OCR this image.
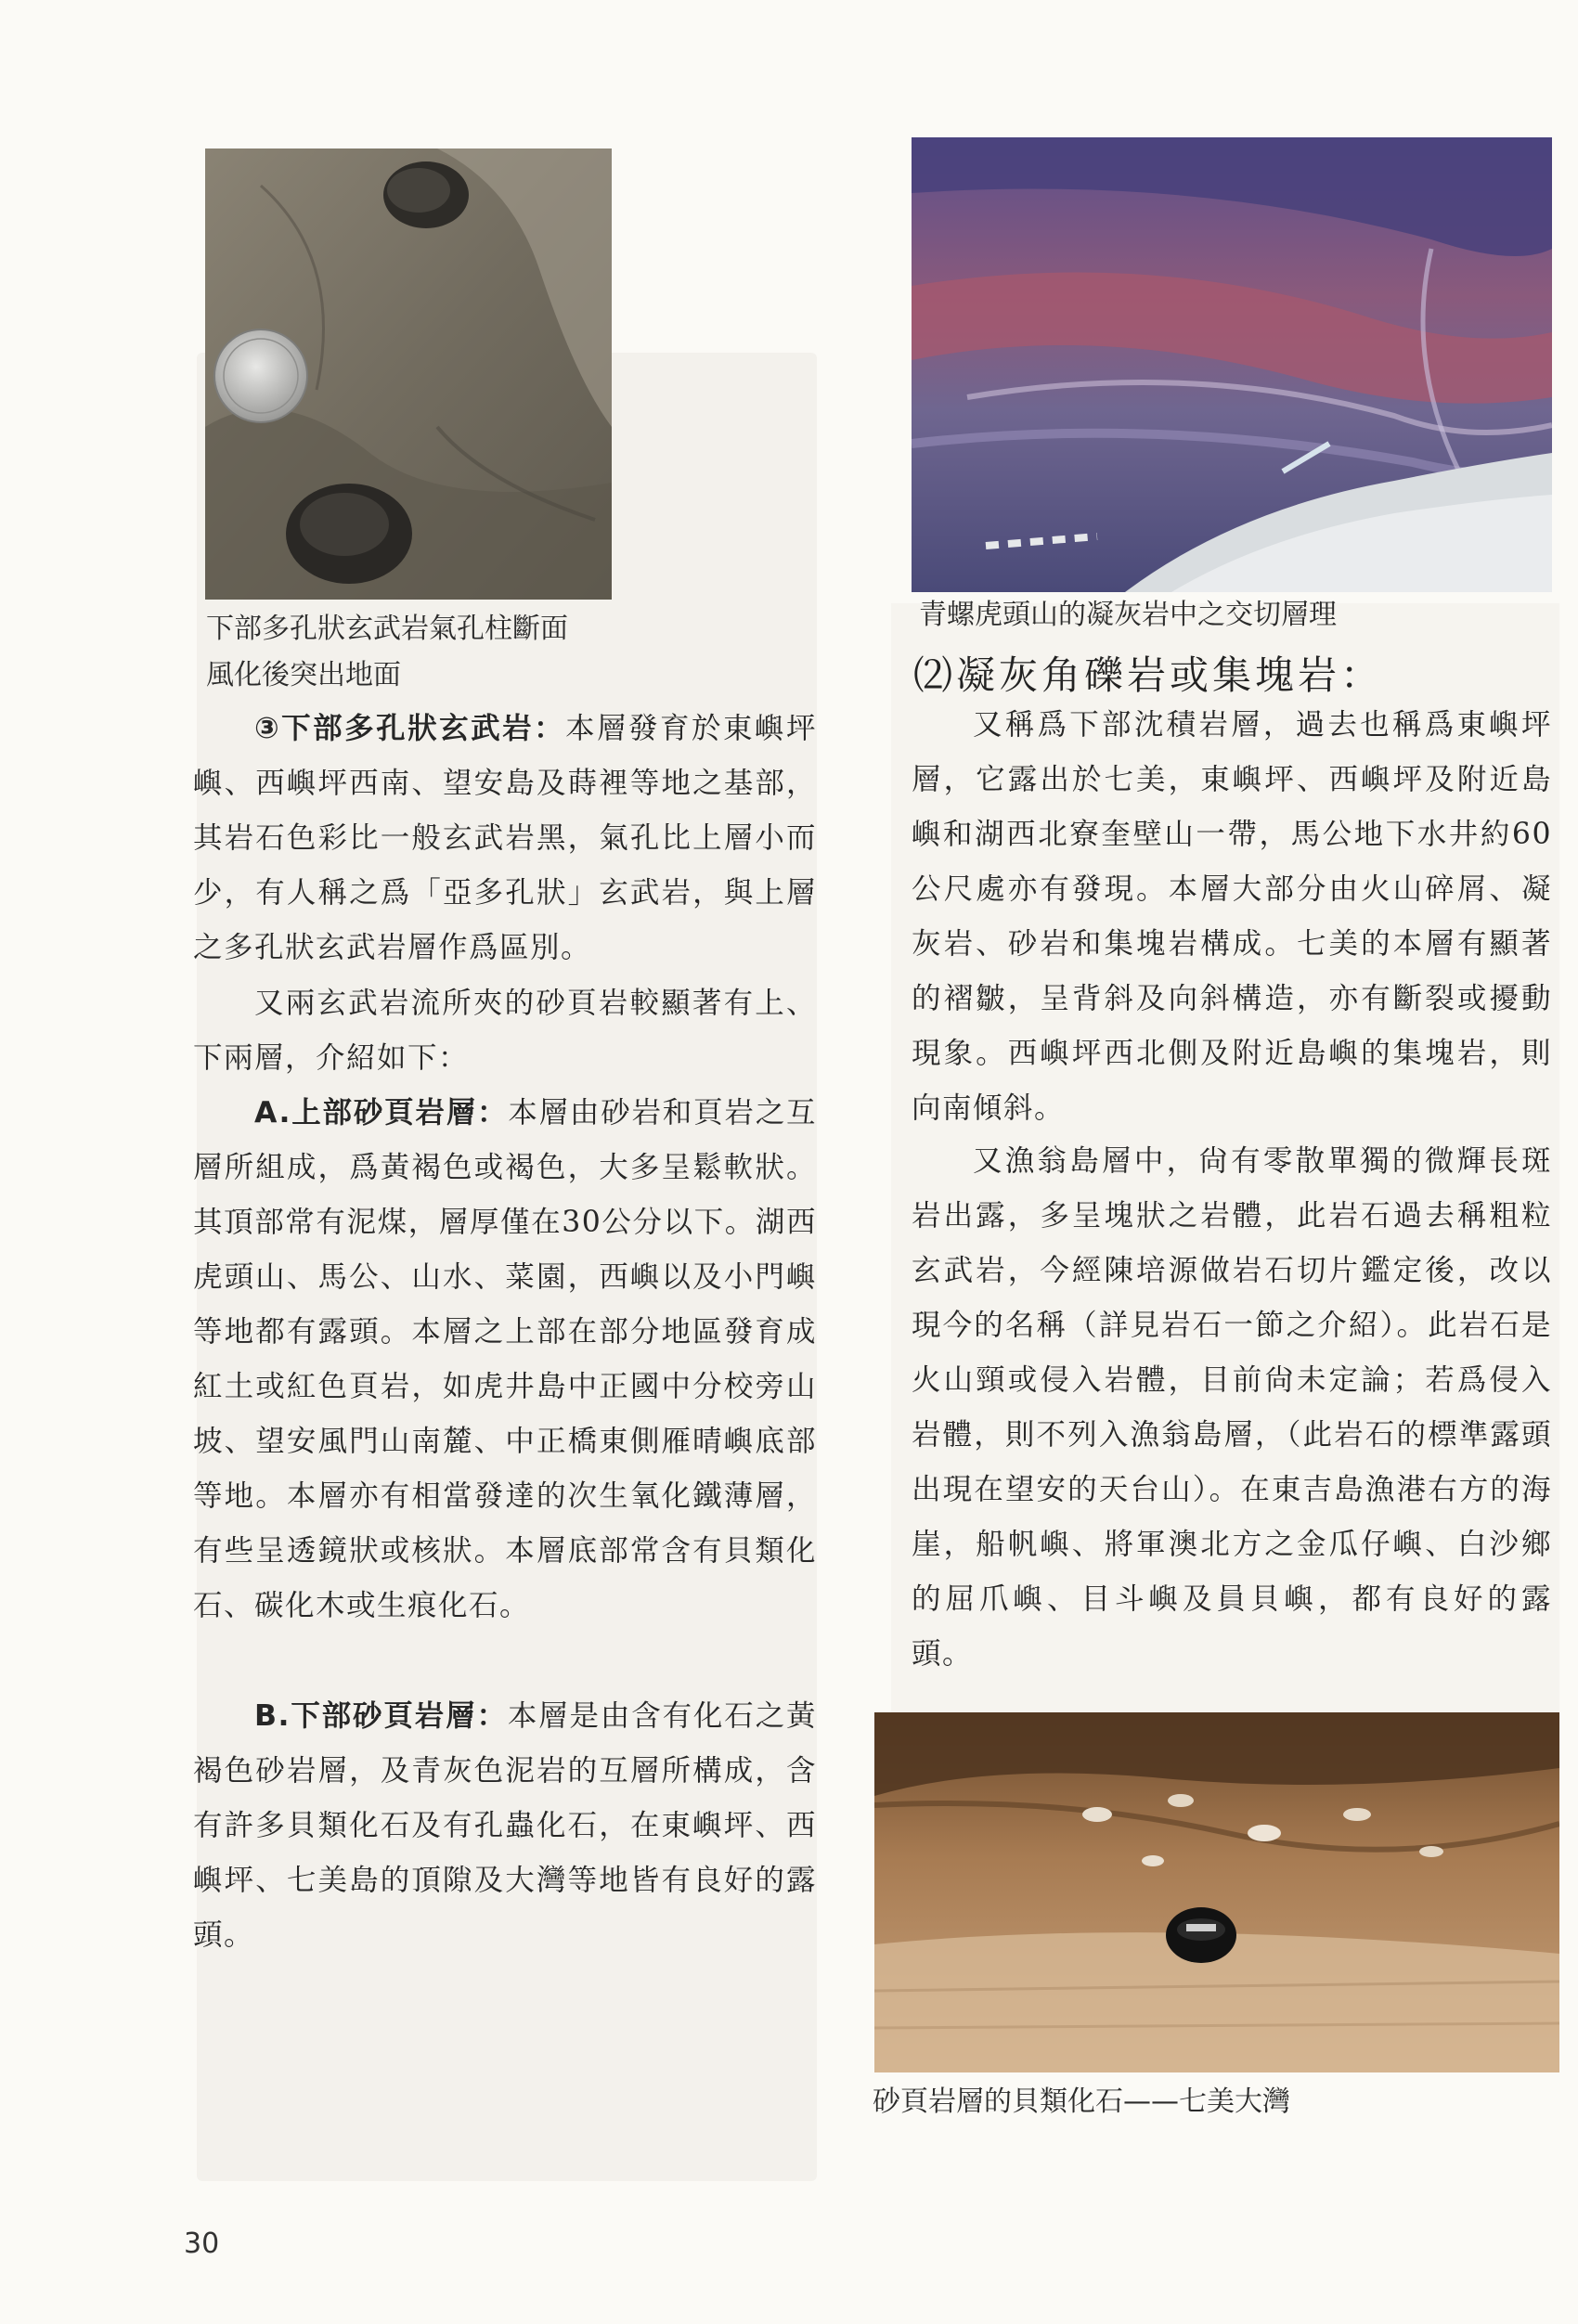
下部多孔狀玄武岩氣孔柱斷面
風化後突出地面
青螺虎頭山的凝灰岩中之交切層理

③下部多孔狀玄武岩：本層發育於東嶼坪嶼、西嶼坪西南、望安島及蒔裡等地之基部，其岩石色彩比一般玄武岩黑，氣孔比上層小而少，有人稱之爲「亞多孔狀」玄武岩，與上層之多孔狀玄武岩層作爲區別。

又兩玄武岩流所夾的砂頁岩較顯著有上、下兩層，介紹如下：

A.上部砂頁岩層：本層由砂岩和頁岩之互層所組成，爲黃褐色或褐色，大多呈鬆軟狀。其頂部常有泥煤，層厚僅在30公分以下。湖西虎頭山、馬公、山水、菜園，西嶼以及小門嶼等地都有露頭。本層之上部在部分地區發育成紅土或紅色頁岩，如虎井島中正國中分校旁山坡、望安風門山南麓、中正橋東側雁晴嶼底部等地。本層亦有相當發達的次生氧化鐵薄層，有些呈透鏡狀或核狀。本層底部常含有貝類化石、碳化木或生痕化石。

B.下部砂頁岩層：本層是由含有化石之黃褐色砂岩層，及青灰色泥岩的互層所構成，含有許多貝類化石及有孔蟲化石，在東嶼坪、西嶼坪、七美島的頂隙及大灣等地皆有良好的露頭。

⑵凝灰角礫岩或集塊岩：

又稱爲下部沈積岩層，過去也稱爲東嶼坪層，它露出於七美，東嶼坪、西嶼坪及附近島嶼和湖西北寮奎壁山一帶，馬公地下水井約60公尺處亦有發現。本層大部分由火山碎屑、凝灰岩、砂岩和集塊岩構成。七美的本層有顯著的褶皺，呈背斜及向斜構造，亦有斷裂或擾動現象。西嶼坪西北側及附近島嶼的集塊岩，則向南傾斜。

又漁翁島層中，尙有零散單獨的微輝長斑岩出露，多呈塊狀之岩體，此岩石過去稱粗粒玄武岩，今經陳培源做岩石切片鑑定後，改以現今的名稱（詳見岩石一節之介紹）。此岩石是火山頸或侵入岩體，目前尙未定論；若爲侵入岩體，則不列入漁翁島層，（此岩石的標準露頭出現在望安的天台山）。在東吉島漁港右方的海崖，船帆嶼、將軍澳北方之金瓜仔嶼、白沙鄉的屈爪嶼、目斗嶼及員貝嶼，都有良好的露頭。

砂頁岩層的貝類化石——七美大灣
30
